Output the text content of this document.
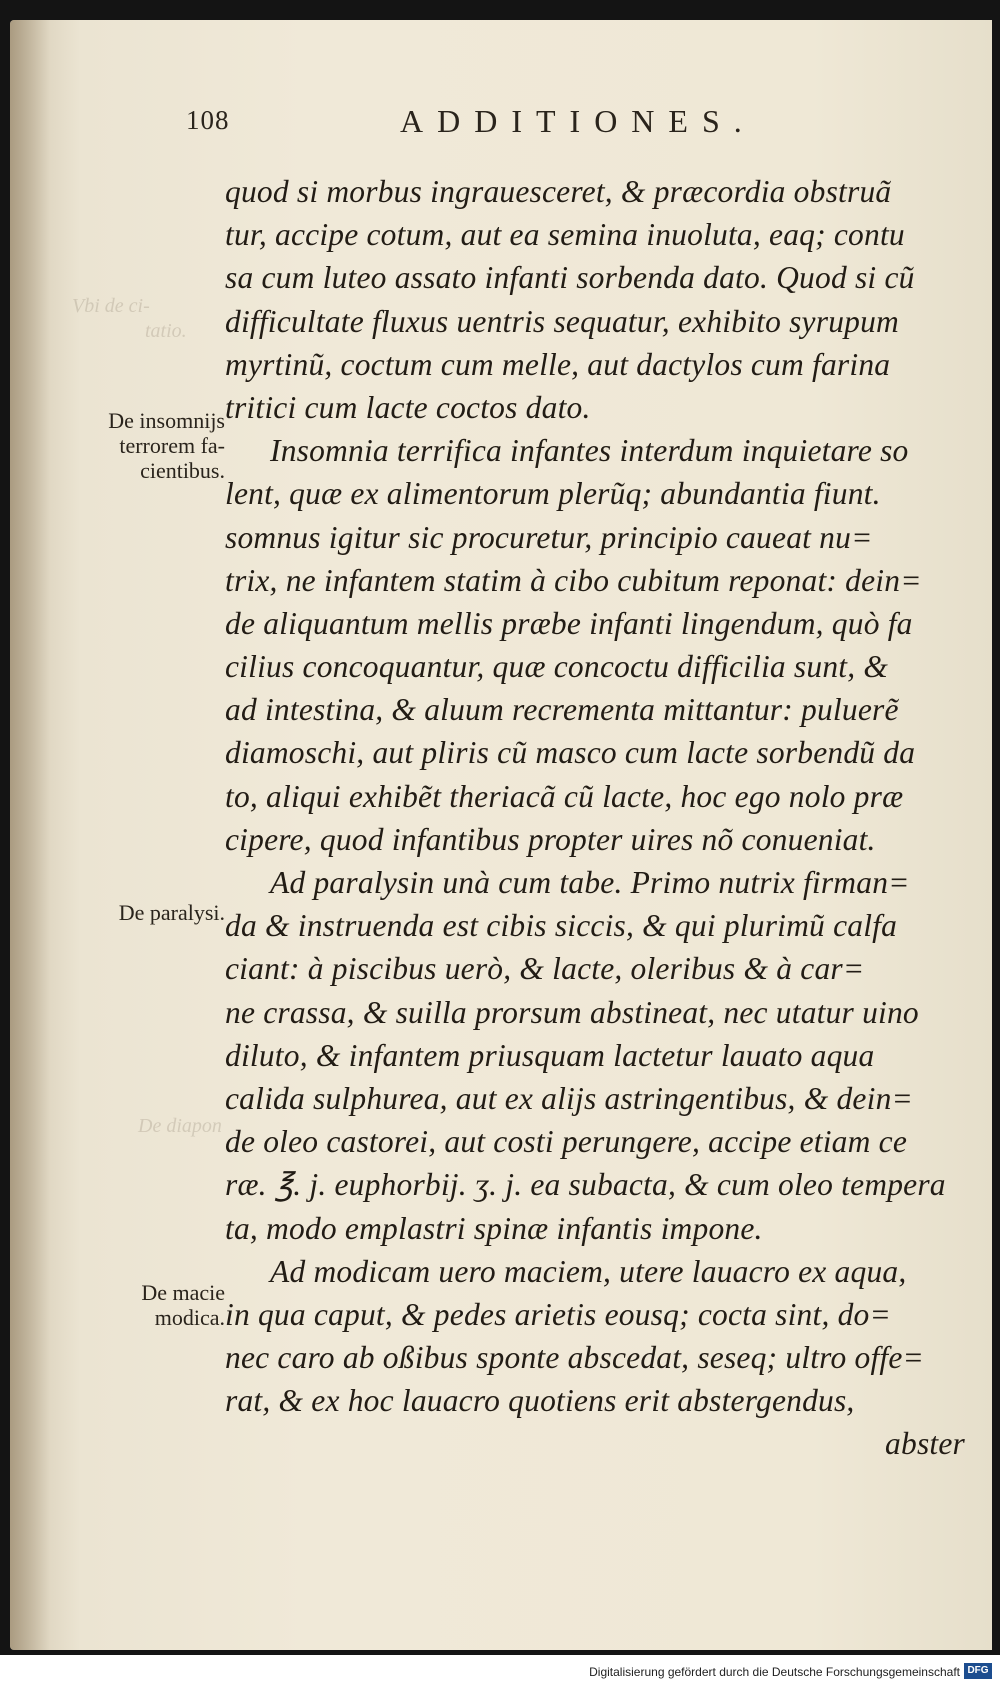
Vbi de ci-
tatio.
De diapon
108	ADDITIONES.
De insomnijs
terrorem fa-
cientibus.
De paralysi.
De macie
modica.
quod si morbus ingrauesceret, & præcordia obstruã
tur, accipe cotum, aut ea semina inuoluta, eaq; contu
sa cum luteo assato infanti sorbenda dato. Quod si cũ
difficultate fluxus uentris sequatur, exhibito syrupum
myrtinũ, coctum cum melle, aut dactylos cum farina
tritici cum lacte coctos dato.
Insomnia terrifica infantes interdum inquietare so
lent, quæ ex alimentorum plerũq; abundantia fiunt.
somnus igitur sic procuretur, principio caueat nu=
trix, ne infantem statim à cibo cubitum reponat: dein=
de aliquantum mellis præbe infanti lingendum, quò fa
cilius concoquantur, quæ concoctu difficilia sunt, &
ad intestina, & aluum recrementa mittantur: puluerẽ
diamoschi, aut pliris cũ masco cum lacte sorbendũ da
to, aliqui exhibẽt theriacã cũ lacte, hoc ego nolo præ
cipere, quod infantibus propter uires nõ conueniat.
Ad paralysin unà cum tabe. Primo nutrix firman=
da & instruenda est cibis siccis, & qui plurimũ calfa
ciant: à piscibus uerò, & lacte, oleribus & à car=
ne crassa, & suilla prorsum abstineat, nec utatur uino
diluto, & infantem priusquam lactetur lauato aqua
calida sulphurea, aut ex alijs astringentibus, & dein=
de oleo castorei, aut costi perungere, accipe etiam ce
ræ. ℥. j. euphorbij. ʒ. j. ea subacta, & cum oleo tempera
ta, modo emplastri spinæ infantis impone.
Ad modicam uero maciem, utere lauacro ex aqua,
in qua caput, & pedes arietis eousq; cocta sint, do=
nec caro ab oßibus sponte abscedat, seseq; ultro offe=
rat, & ex hoc lauacro quotiens erit abstergendus,
abster
Digitalisierung gefördert durch die Deutsche Forschungsgemeinschaft DFG
